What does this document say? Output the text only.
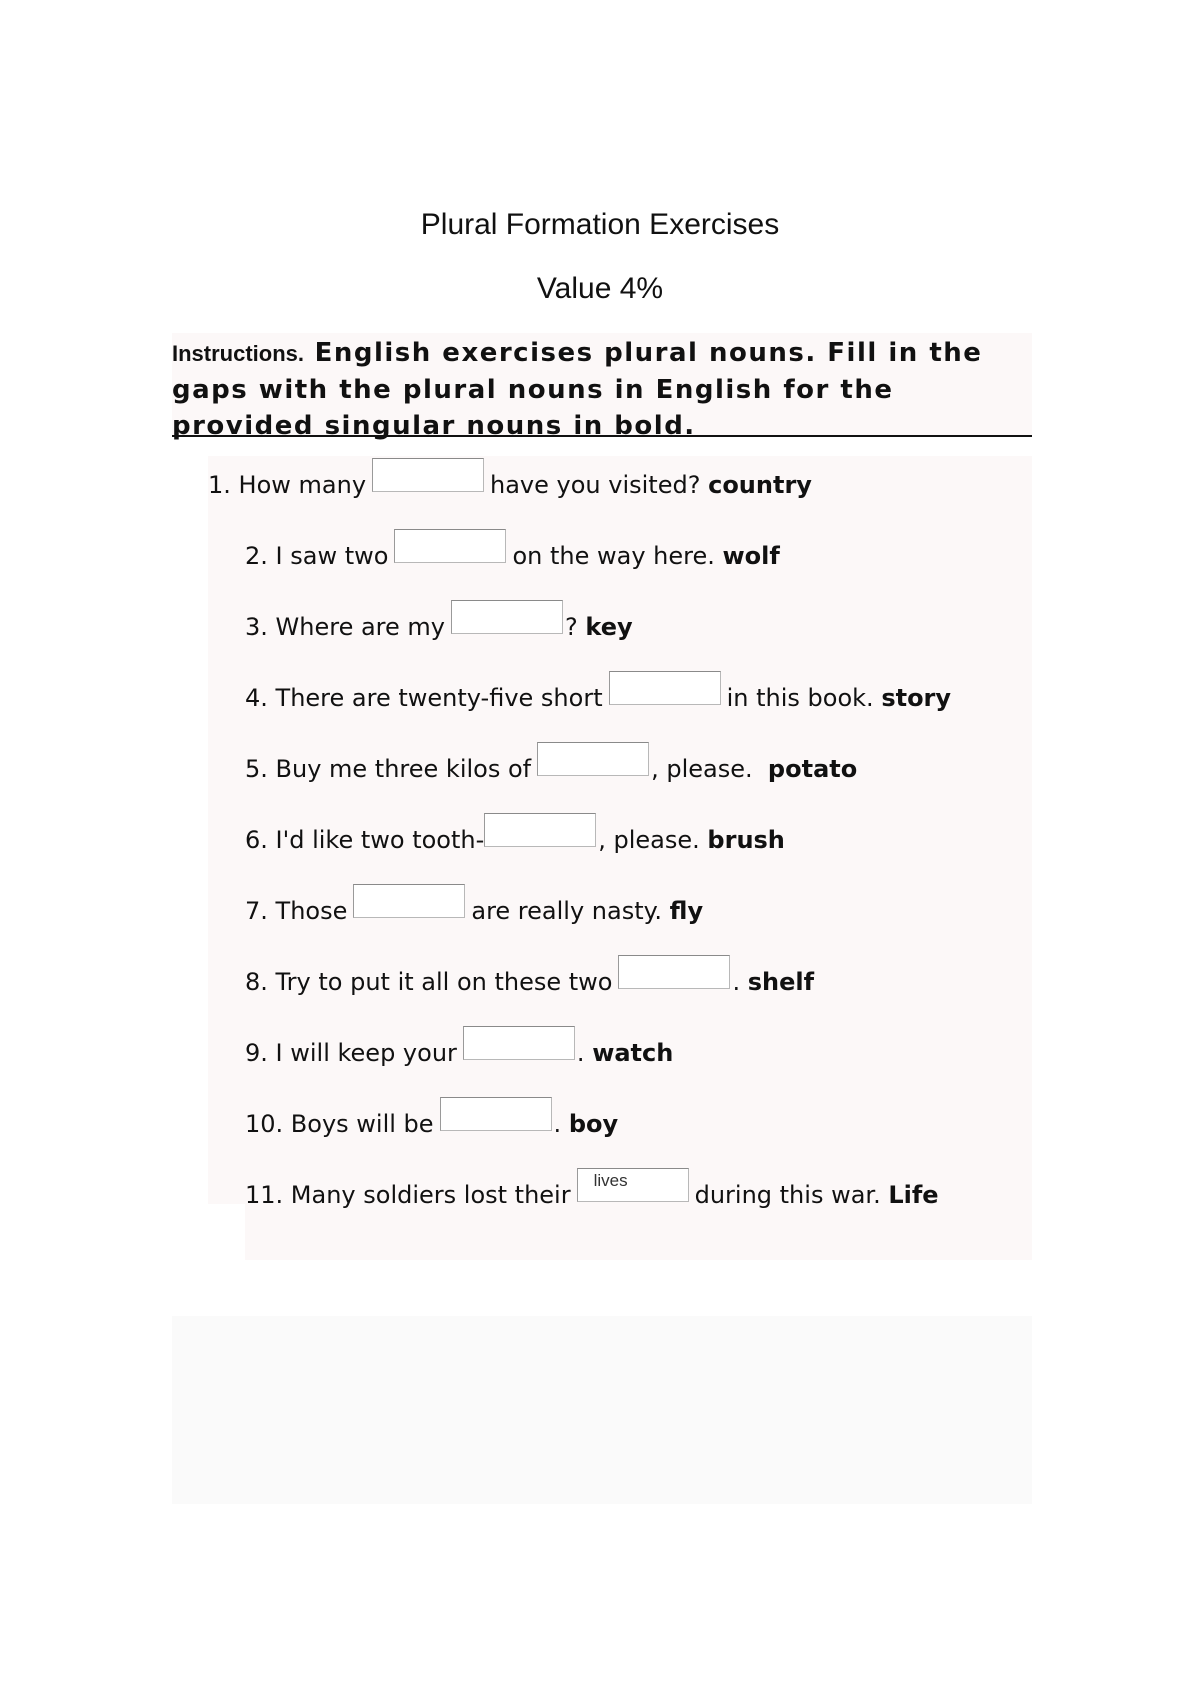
Plural Formation Exercises
Value 4%
Instructions. English exercises plural nouns. Fill in the gaps with the plural nouns in English for the provided singular nouns in bold.
1. How many	have you visited?
country
2. I saw two	on the way here.
wolf
3. Where are my	?
key
4. There are twenty-five short	in this book.
story
5. Buy me three kilos of	, please.
potato
6. I'd like two tooth-	, please.
brush
7. Those	are really nasty.
fly
8. Try to put it all on these two	.
shelf
9. I will keep your	.
watch
10. Boys will be	.
boy
11. Many soldiers lost their
lives
during this war.
Life
